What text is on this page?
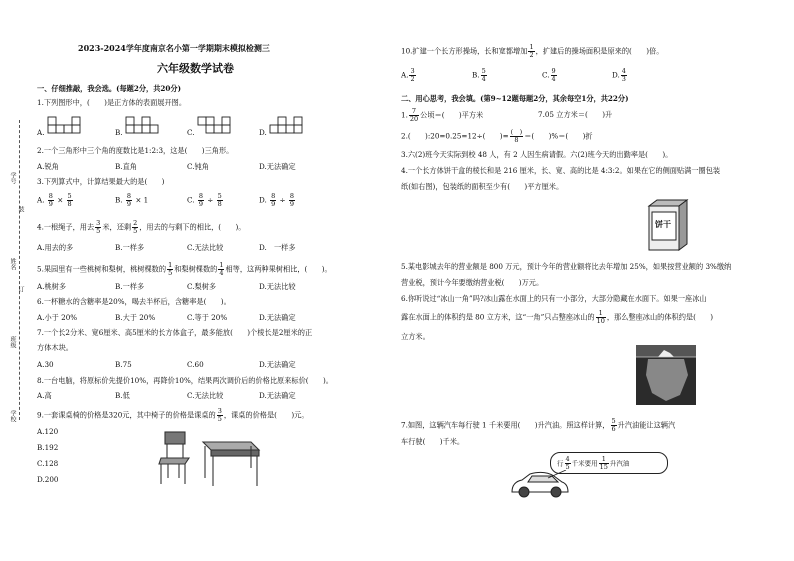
学号
姓名
班级
学校
装
订
2023-2024学年度南京名小第一学期期末模拟检测三
六年级数学试卷
一、仔细推敲，我会选。(每题2分，共20分)
1.下列图形中，(　　)是正方体的表面展开图。
A.	B.	C.	D.
2.一个三角形中三个角的度数比是1:2:3，这是(　　)三角形。
A.锐角	B.直角	C.钝角	D.无法确定
3.下列算式中，计算结果最大的是(　　)
A. $\frac{8}{9} \times \frac{5}{8}$	B. $\frac{8}{9} \times 1$	C. $\frac{8}{9} \div \frac{5}{8}$	D. $\frac{8}{9} \div \frac{8}{9}$
4.一根绳子，用去 $\frac{3}{5}$ 米，还剩 $\frac{2}{5}$ ，用去的与剩下的相比，(　　)。
A.用去的多	B.一样多	C.无法比较	D.　一样多
5.果园里有一些桃树和梨树，桃树棵数的 $\frac{1}{5}$ 和梨树棵数的 $\frac{1}{4}$ 相等，这两种果树相比，(　　)。
A.桃树多	B.一样多	C.梨树多	D.无法比较
6.一杯糖水的含糖率是20%，喝去半杯后，含糖率是(　　)。
A.小于 20%	B.大于 20%	C.等于 20%	D.无法确定
7.一个长2分米、宽6厘米、高5厘米的长方体盒子，最多能放(　　)个棱长是2厘米的正
方体木块。
A.30	B.75	C.60	D.无法确定
8.一台电脑，将原标价先提价10%，再降价10%，结果两次调价后的价格比原来标价(　　)。
A.高	B.低	C.无法比较	D.无法确定
9.一套课桌椅的价格是320元，其中椅子的价格是课桌的 $\frac{3}{5}$ ，课桌的价格是(　　)元。
A.120
B.192
C.128
D.200
10.扩建一个长方形操场，长和宽都增加 $\frac{1}{2}$ ，扩建后的操场面积是原来的(　　)倍。
A. $\frac{3}{2}$	B. $\frac{5}{4}$	C. $\frac{9}{4}$	D. $\frac{4}{3}$
二、用心思考，我会填。(第9~12题每题2分，其余每空1分，共22分)
1. $\frac{7}{20}$ 公顷＝(　　)平方米	7.05 立方米＝(　　)升
2.(　　):20=0.25=12÷(　　)= $\frac{( )}{8}$ ＝(　　)%＝(　　)折
3.六(2)班今天实际到校 48 人，有 2 人因生病请假。六(2)班今天的出勤率是(　　)。
4.一个长方体饼干盒的棱长和是 216 厘米，长、宽、高的比是 4:3:2。如果在它的侧面贴满一圈包装
纸(如右图)，包装纸的面积至少有(　　)平方厘米。
饼干
5.某电影城去年的营业额是 800 万元，预计今年的营业额将比去年增加 25%，如果按营业额的 3%缴纳
营业税，预计今年要缴纳营业税(　　)万元。
6.你听说过“冰山一角”吗?冰山露在水面上的只有一小部分，大部分隐藏在水面下。如果一座冰山
露在水面上的体积约是 80 立方米，这“一角”只占整座冰山的 $\frac{1}{10}$ ，那么整座冰山的体积约是(　　)
立方米。
7.如图，这辆汽车每行驶 1 千米要用(　　)升汽油。照这样计算， $\frac{5}{6}$ 升汽油能让这辆汽
车行驶(　　)千米。
行 $\frac{4}{5}$ 千米要用 $\frac{1}{15}$ 升汽油
